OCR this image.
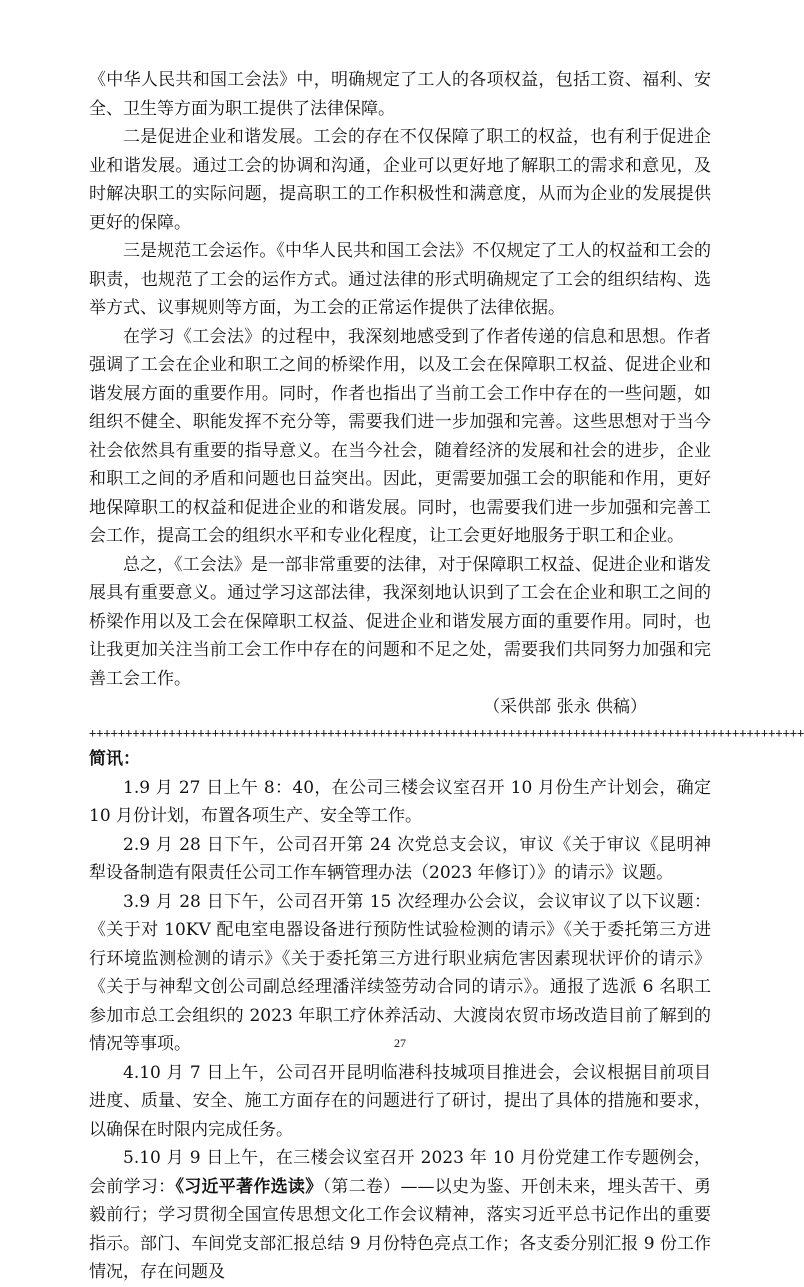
《中华人民共和国工会法》中，明确规定了工人的各项权益，包括工资、福利、安全、卫生等方面为职工提供了法律保障。

二是促进企业和谐发展。工会的存在不仅保障了职工的权益，也有利于促进企业和谐发展。通过工会的协调和沟通，企业可以更好地了解职工的需求和意见，及时解决职工的实际问题，提高职工的工作积极性和满意度，从而为企业的发展提供更好的保障。

三是规范工会运作。《中华人民共和国工会法》不仅规定了工人的权益和工会的职责，也规范了工会的运作方式。通过法律的形式明确规定了工会的组织结构、选举方式、议事规则等方面，为工会的正常运作提供了法律依据。

在学习《工会法》的过程中，我深刻地感受到了作者传递的信息和思想。作者强调了工会在企业和职工之间的桥梁作用，以及工会在保障职工权益、促进企业和谐发展方面的重要作用。同时，作者也指出了当前工会工作中存在的一些问题，如组织不健全、职能发挥不充分等，需要我们进一步加强和完善。这些思想对于当今社会依然具有重要的指导意义。在当今社会，随着经济的发展和社会的进步，企业和职工之间的矛盾和问题也日益突出。因此，更需要加强工会的职能和作用，更好地保障职工的权益和促进企业的和谐发展。同时，也需要我们进一步加强和完善工会工作，提高工会的组织水平和专业化程度，让工会更好地服务于职工和企业。

总之，《工会法》是一部非常重要的法律，对于保障职工权益、促进企业和谐发展具有重要意义。通过学习这部法律，我深刻地认识到了工会在企业和职工之间的桥梁作用以及工会在保障职工权益、促进企业和谐发展方面的重要作用。同时，也让我更加关注当前工会工作中存在的问题和不足之处，需要我们共同努力加强和完善工会工作。

（采供部 张永 供稿）

+++++++++++++++++++++++++++++++++++++++++++++++++++++++++++++++++++++++++++++++++++++++++++++++++++

简讯：

1.9 月 27 日上午 8：40，在公司三楼会议室召开 10 月份生产计划会，确定 10 月份计划，布置各项生产、安全等工作。

2.9 月 28 日下午，公司召开第 24 次党总支会议，审议《关于审议《昆明神犁设备制造有限责任公司工作车辆管理办法（2023 年修订）》的请示》议题。

3.9 月 28 日下午，公司召开第 15 次经理办公会议，会议审议了以下议题：《关于对 10KV 配电室电器设备进行预防性试验检测的请示》《关于委托第三方进行环境监测检测的请示》《关于委托第三方进行职业病危害因素现状评价的请示》《关于与神犁文创公司副总经理潘洋续签劳动合同的请示》。通报了选派 6 名职工参加市总工会组织的 2023 年职工疗休养活动、大渡岗农贸市场改造目前了解到的情况等事项。

4.10 月 7 日上午，公司召开昆明临港科技城项目推进会，会议根据目前项目进度、质量、安全、施工方面存在的问题进行了研讨，提出了具体的措施和要求，以确保在时限内完成任务。

5.10 月 9 日上午，在三楼会议室召开 2023 年 10 月份党建工作专题例会，会前学习：《习近平著作选读》（第二卷）——以史为鉴、开创未来，埋头苦干、勇毅前行；学习贯彻全国宣传思想文化工作会议精神，落实习近平总书记作出的重要指示。部门、车间党支部汇报总结 9 月份特色亮点工作；各支委分别汇报 9 份工作情况，存在问题及

27
